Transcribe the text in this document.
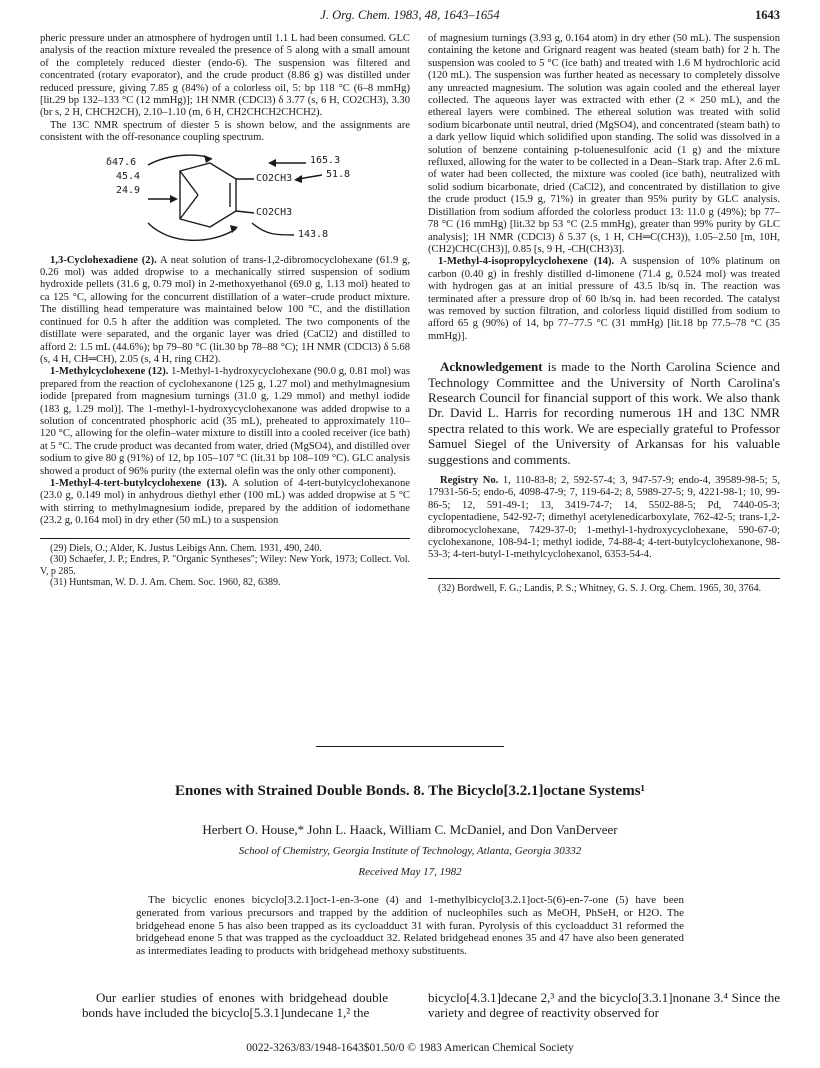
J. Org. Chem. 1983, 48, 1643–1654	1643

pheric pressure under an atmosphere of hydrogen until 1.1 L had been consumed. GLC analysis of the reaction mixture revealed the presence of 5 along with a small amount of the completely reduced diester (endo-6). The suspension was filtered and concentrated (rotary evaporator), and the crude product (8.86 g) was distilled under reduced pressure, giving 7.85 g (84%) of a colorless oil, 5: bp 118 °C (6–8 mmHg) [lit.29 bp 132–133 °C (12 mmHg)]; 1H NMR (CDCl3) δ 3.77 (s, 6 H, CO2CH3), 3.30 (br s, 2 H, CHCH2CH), 2.10–1.10 (m, 6 H, CH2CHCH2CHCH2).

The 13C NMR spectrum of diester 5 is shown below, and the assignments are consistent with the off-resonance coupling spectrum.

δ47.6
45.4
24.9
165.3
51.8
143.8
CO2CH3
CO2CH3

1,3-Cyclohexadiene (2). A neat solution of trans-1,2-dibromocyclohexane (61.9 g, 0.26 mol) was added dropwise to a mechanically stirred suspension of sodium hydroxide pellets (31.6 g, 0.79 mol) in 2-methoxyethanol (69.0 g, 1.13 mol) heated to ca 125 °C, allowing for the concurrent distillation of a water–crude product mixture. The distilling head temperature was maintained below 100 °C, and the distillation continued for 0.5 h after the addition was completed. The two components of the distillate were separated, and the organic layer was dried (CaCl2) and distilled to afford 2: 1.5 mL (44.6%); bp 79–80 °C (lit.30 bp 78–88 °C); 1H NMR (CDCl3) δ 5.68 (s, 4 H, CH═CH), 2.05 (s, 4 H, ring CH2).

1-Methylcyclohexene (12). 1-Methyl-1-hydroxycyclohexane (90.0 g, 0.81 mol) was prepared from the reaction of cyclohexanone (125 g, 1.27 mol) and methylmagnesium iodide [prepared from magnesium turnings (31.0 g, 1.29 mmol) and methyl iodide (183 g, 1.29 mol)]. The 1-methyl-1-hydroxycyclohexanone was added dropwise to a solution of concentrated phosphoric acid (35 mL), preheated to approximately 110–120 °C, allowing for the olefin–water mixture to distill into a cooled receiver (ice bath) at 5 °C. The crude product was decanted from water, dried (MgSO4), and distilled over sodium to give 80 g (91%) of 12, bp 105–107 °C (lit.31 bp 108–109 °C). GLC analysis showed a product of 96% purity (the external olefin was the only other component).

1-Methyl-4-tert-butylcyclohexene (13). A solution of 4-tert-butylcyclohexanone (23.0 g, 0.149 mol) in anhydrous diethyl ether (100 mL) was added dropwise at 5 °C with stirring to methylmagnesium iodide, prepared by the addition of iodomethane (23.2 g, 0.164 mol) in dry ether (50 mL) to a suspension

(29) Diels, O.; Alder, K. Justus Leibigs Ann. Chem. 1931, 490, 240.

(30) Schaefer, J. P.; Endres, P. "Organic Syntheses"; Wiley: New York, 1973; Collect. Vol. V, p 285.

(31) Huntsman, W. D. J. Am. Chem. Soc. 1960, 82, 6389.

of magnesium turnings (3.93 g, 0.164 atom) in dry ether (50 mL). The suspension containing the ketone and Grignard reagent was heated (steam bath) for 2 h. The suspension was cooled to 5 °C (ice bath) and treated with 1.6 M hydrochloric acid (120 mL). The suspension was further heated as necessary to completely dissolve any unreacted magnesium. The solution was again cooled and the ethereal layer collected. The aqueous layer was extracted with ether (2 × 250 mL), and the ethereal layers were combined. The ethereal solution was treated with solid sodium bicarbonate until neutral, dried (MgSO4), and concentrated (steam bath) to a dark yellow liquid which solidified upon standing. The solid was dissolved in a solution of benzene containing p-toluenesulfonic acid (1 g) and the mixture refluxed, allowing for the water to be collected in a Dean–Stark trap. After 2.6 mL of water had been collected, the mixture was cooled (ice bath), neutralized with solid sodium bicarbonate, dried (CaCl2), and concentrated by distillation to give the crude product (15.9 g, 71%) in greater than 95% purity by GLC analysis. Distillation from sodium afforded the colorless product 13: 11.0 g (49%); bp 77–78 °C (16 mmHg) [lit.32 bp 53 °C (2.5 mmHg), greater than 99% purity by GLC analysis]; 1H NMR (CDCl3) δ 5.37 (s, 1 H, CH═C(CH3)), 1.05–2.50 [m, 10H, (CH2)CHC(CH3)], 0.85 [s, 9 H, -CH(CH3)3].

1-Methyl-4-isopropylcyclohexene (14). A suspension of 10% platinum on carbon (0.40 g) in freshly distilled d-limonene (71.4 g, 0.524 mol) was treated with hydrogen gas at an initial pressure of 43.5 lb/sq in. The reaction was terminated after a pressure drop of 60 lb/sq in. had been recorded. The catalyst was removed by suction filtration, and colorless liquid distilled from sodium to afford 65 g (90%) of 14, bp 77–77.5 °C (31 mmHg) [lit.18 bp 77.5–78 °C (35 mmHg)].

Acknowledgement is made to the North Carolina Science and Technology Committee and the University of North Carolina's Research Council for financial support of this work. We also thank Dr. David L. Harris for recording numerous 1H and 13C NMR spectra related to this work. We are especially grateful to Professor Samuel Siegel of the University of Arkansas for his valuable suggestions and comments.

Registry No. 1, 110-83-8; 2, 592-57-4; 3, 947-57-9; endo-4, 39589-98-5; 5, 17931-56-5; endo-6, 4098-47-9; 7, 119-64-2; 8, 5989-27-5; 9, 4221-98-1; 10, 99-86-5; 12, 591-49-1; 13, 3419-74-7; 14, 5502-88-5; Pd, 7440-05-3; cyclopentadiene, 542-92-7; dimethyl acetylenedicarboxylate, 762-42-5; trans-1,2-dibromocyclohexane, 7429-37-0; 1-methyl-1-hydroxycyclohexane, 590-67-0; cyclohexanone, 108-94-1; methyl iodide, 74-88-4; 4-tert-butylcyclohexanone, 98-53-3; 4-tert-butyl-1-methylcyclohexanol, 6353-54-4.

(32) Bordwell, F. G.; Landis, P. S.; Whitney, G. S. J. Org. Chem. 1965, 30, 3764.

Enones with Strained Double Bonds. 8. The Bicyclo[3.2.1]octane Systems¹
Herbert O. House,* John L. Haack, William C. McDaniel, and Don VanDerveer
School of Chemistry, Georgia Institute of Technology, Atlanta, Georgia 30332
Received May 17, 1982

The bicyclic enones bicyclo[3.2.1]oct-1-en-3-one (4) and 1-methylbicyclo[3.2.1]oct-5(6)-en-7-one (5) have been generated from various precursors and trapped by the addition of nucleophiles such as MeOH, PhSeH, or H2O. The bridgehead enone 5 has also been trapped as its cycloadduct 31 with furan. Pyrolysis of this cycloadduct 31 reformed the bridgehead enone 5 that was trapped as the cycloadduct 32. Related bridgehead enones 35 and 47 have also been generated as intermediates leading to products with bridgehead methoxy substituents.

Our earlier studies of enones with bridgehead double bonds have included the bicyclo[5.3.1]undecane 1,² the

bicyclo[4.3.1]decane 2,³ and the bicyclo[3.3.1]nonane 3.⁴ Since the variety and degree of reactivity observed for

0022-3263/83/1948-1643$01.50/0 © 1983 American Chemical Society
